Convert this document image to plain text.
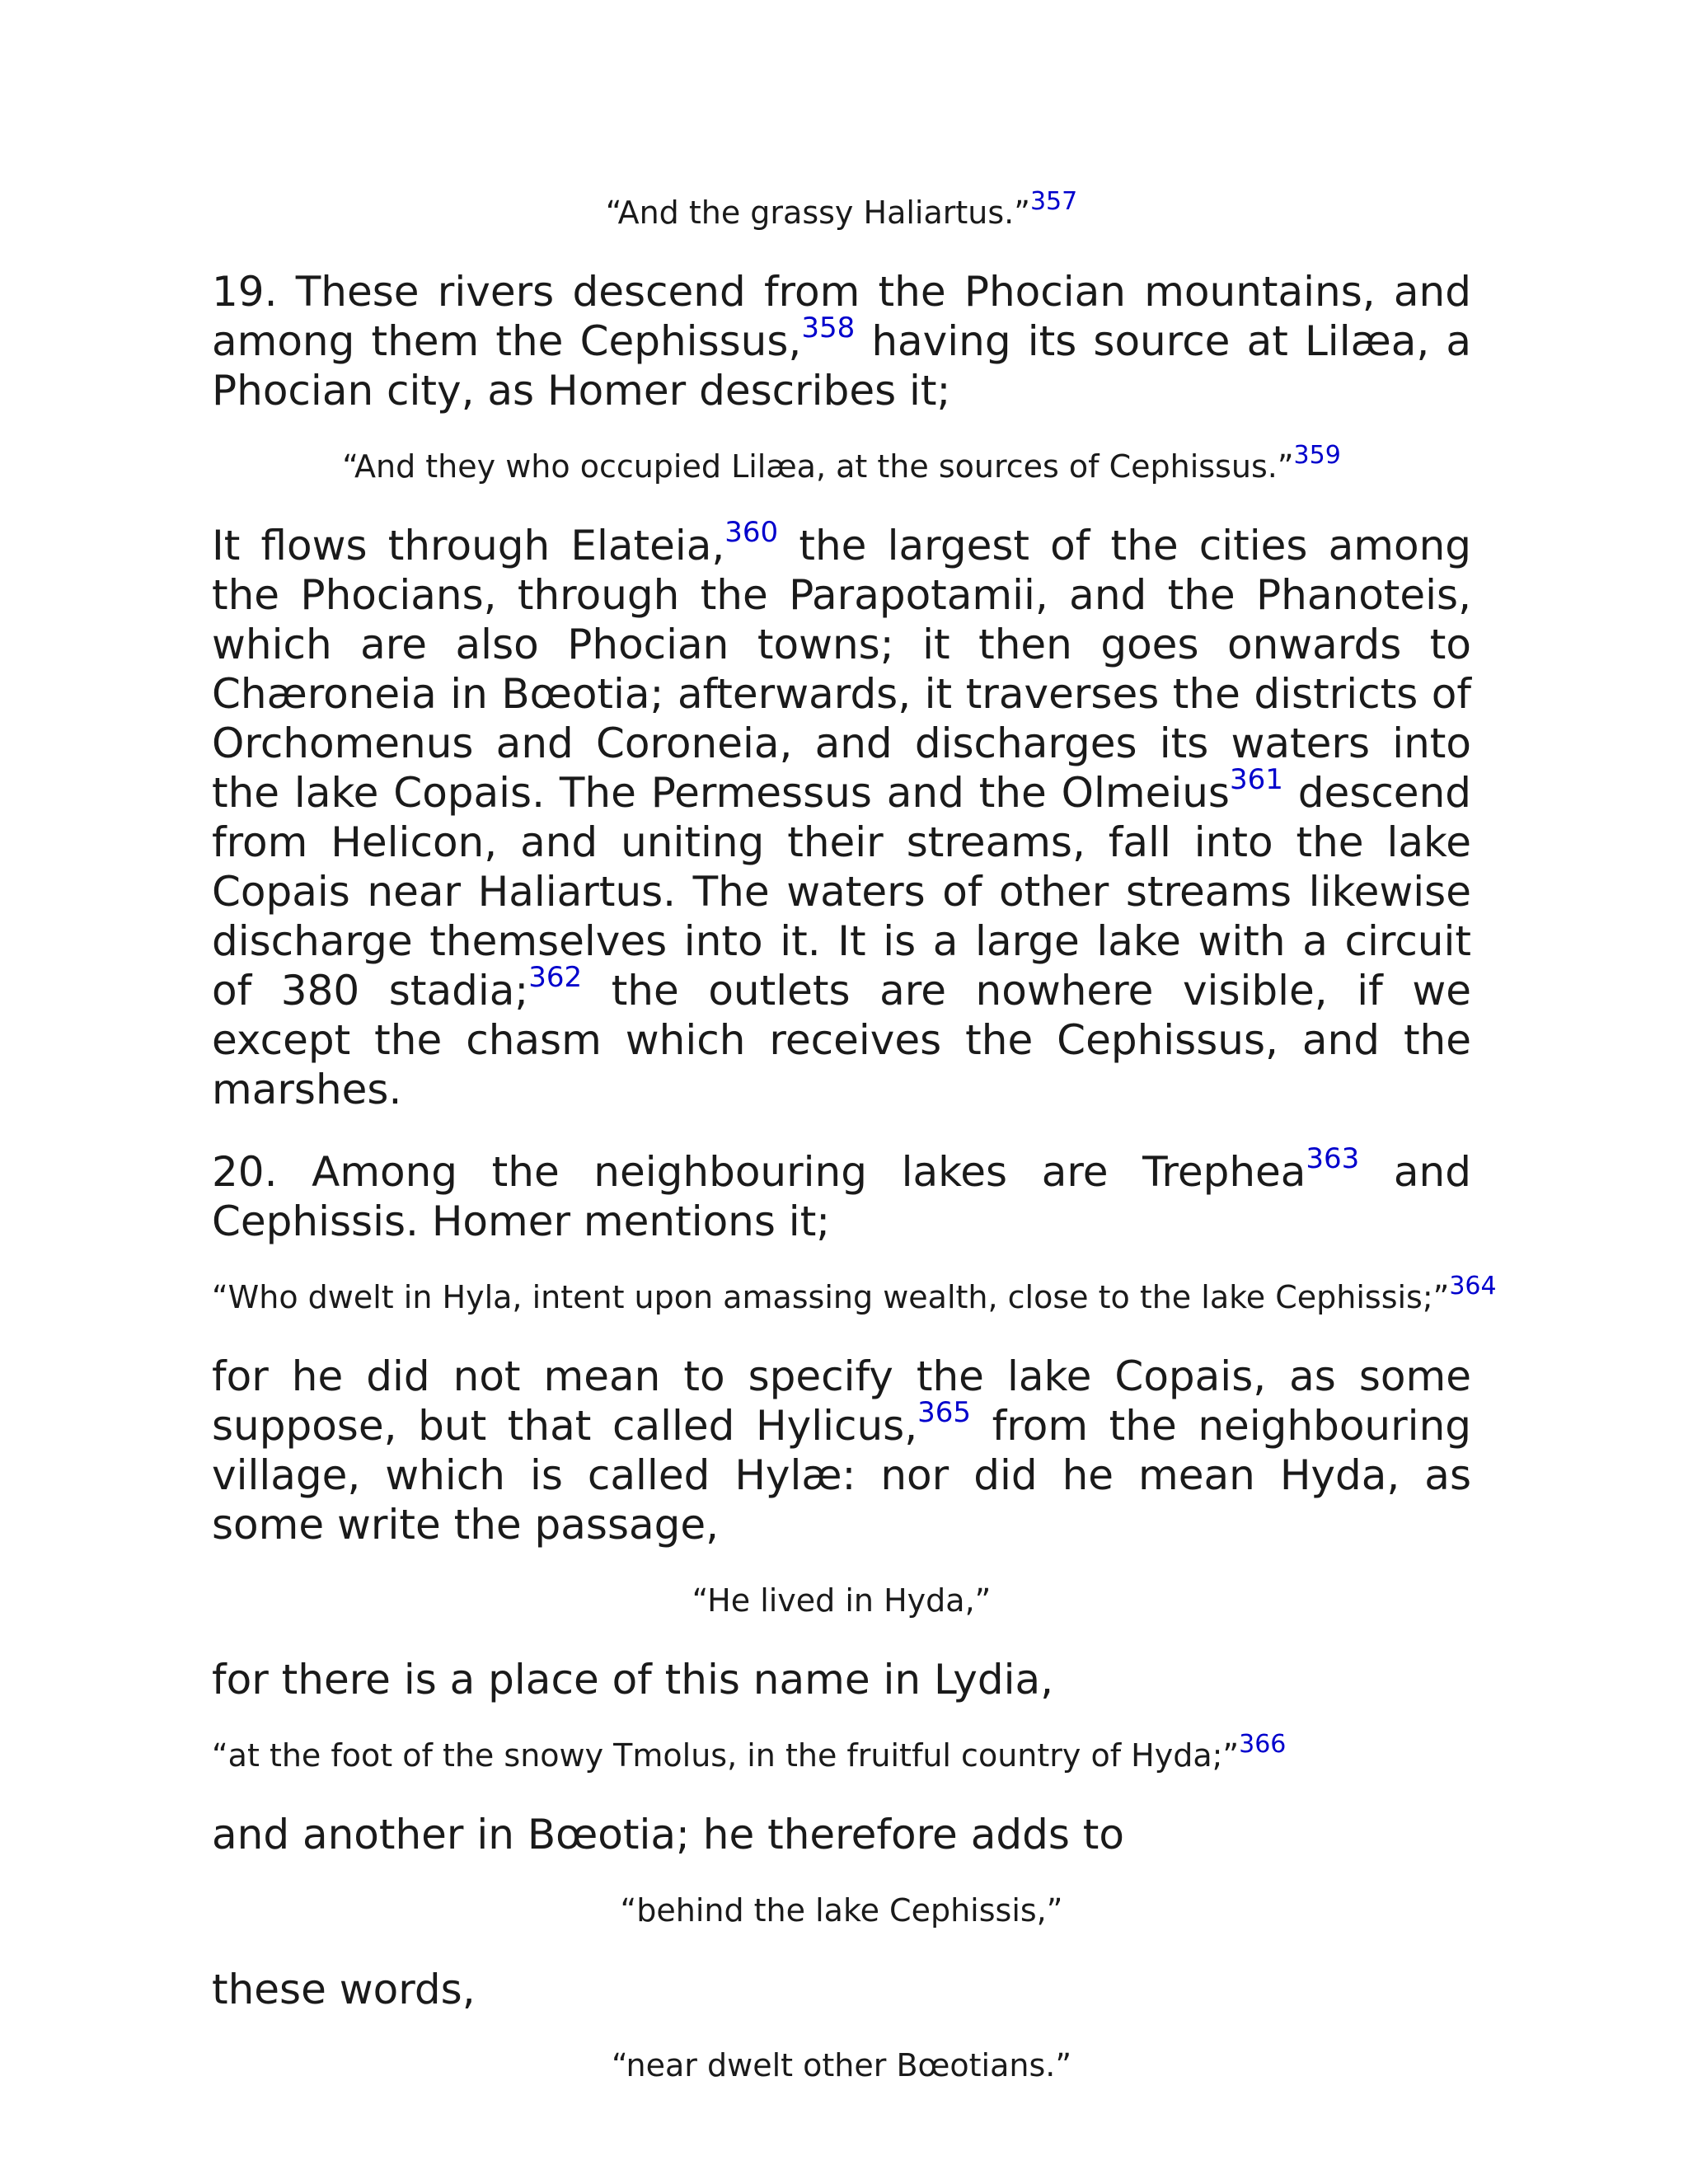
“And the grassy Haliartus.”$^{357}$

19. These rivers descend from the Phocian mountains, and among them the Cephissus,$^{358}$ having its source at Lilæa, a Phocian city, as Homer describes it;

“And they who occupied Lilæa, at the sources of Cephissus.”$^{359}$

It flows through Elateia,$^{360}$ the largest of the cities among the Phocians, through the Parapotamii, and the Phanoteis, which are also Phocian towns; it then goes onwards to Chæroneia in Bœotia; afterwards, it traverses the districts of Orchomenus and Coroneia, and discharges its waters into the lake Copais. The Permessus and the Olmeius$^{361}$ descend from Helicon, and uniting their streams, fall into the lake Copais near Haliartus. The waters of other streams likewise discharge themselves into it. It is a large lake with a circuit of 380 stadia;$^{362}$ the outlets are nowhere visible, if we except the chasm which receives the Cephissus, and the marshes.

20. Among the neighbouring lakes are Trephea$^{363}$ and Cephissis. Homer mentions it;

“Who dwelt in Hyla, intent upon amassing wealth, close to the lake Cephissis;”$^{364}$

for he did not mean to specify the lake Copais, as some suppose, but that called Hylicus,$^{365}$ from the neighbouring village, which is called Hylæ: nor did he mean Hyda, as some write the passage,

“He lived in Hyda,”

for there is a place of this name in Lydia,

“at the foot of the snowy Tmolus, in the fruitful country of Hyda;”$^{366}$

and another in Bœotia; he therefore adds to

“behind the lake Cephissis,”

these words,

“near dwelt other Bœotians.”
